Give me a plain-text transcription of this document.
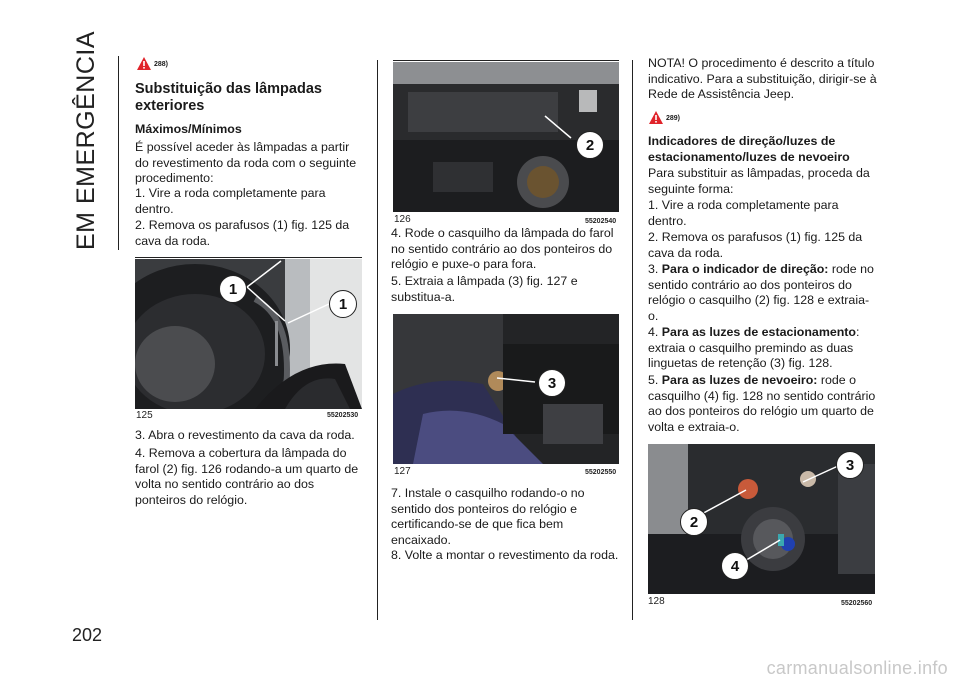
EM EMERGÊNCIA	288)
Substituição das lâmpadas exteriores
Máximos/Mínimos
É possível aceder às lâmpadas a partir do revestimento da roda com o seguinte procedimento:
1. Vire a roda completamente para dentro.
2. Remova os parafusos (1) fig. 125 da cava da roda.
1
1
125	55202530
3. Abra o revestimento da cava da roda.
4. Remova a cobertura da lâmpada do farol (2) fig. 126 rodando-a um quarto de volta no sentido contrário ao dos ponteiros do relógio.
2
126	55202540
4. Rode o casquilho da lâmpada do farol no sentido contrário ao dos ponteiros do relógio e puxe-o para fora.
5. Extraia a lâmpada (3) fig. 127 e substitua-a.
3
127	55202550
7. Instale o casquilho rodando-o no sentido dos ponteiros do relógio e certificando-se de que fica bem encaixado.
8. Volte a montar o revestimento da roda.
NOTA! O procedimento é descrito a título indicativo. Para a substituição, dirigir-se à Rede de Assistência Jeep.
289)
Indicadores de direção/luzes de estacionamento/luzes de nevoeiro
Para substituir as lâmpadas, proceda da seguinte forma:
1. Vire a roda completamente para dentro.
2. Remova os parafusos (1) fig. 125 da cava da roda.
3. Para o indicador de direção: rode no sentido contrário ao dos ponteiros do relógio o casquilho (2) fig. 128 e extraia-o.
4. Para as luzes de estacionamento: extraia o casquilho premindo as duas linguetas de retenção (3) fig. 128.
5. Para as luzes de nevoeiro: rode o casquilho (4) fig. 128 no sentido contrário ao dos ponteiros do relógio um quarto de volta e extraia-o.
3
2
4
128	55202560
202
carmanualsonline.info
